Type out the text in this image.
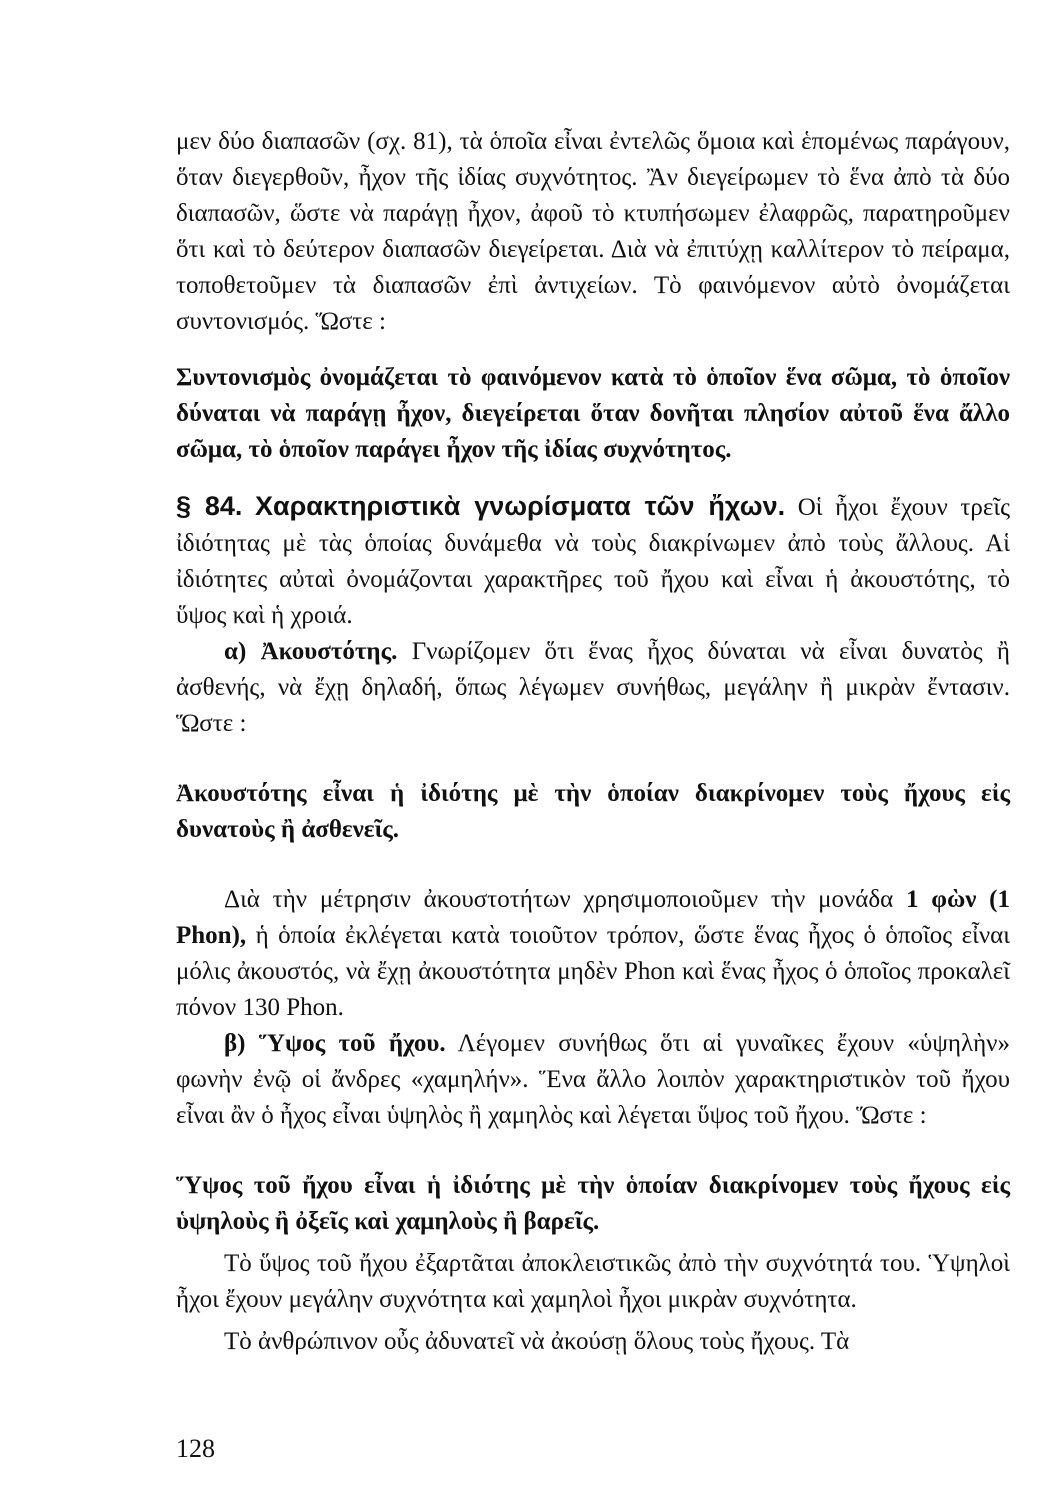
μεν δύο διαπασῶν (σχ. 81), τὰ ὁποῖα εἶναι ἐντελῶς ὅμοια καὶ ἑπομένως παράγουν, ὅταν διεγερθοῦν, ἦχον τῆς ἰδίας συχνότητος. Ἂν διεγείρωμεν τὸ ἕνα ἀπὸ τὰ δύο διαπασῶν, ὥστε νὰ παράγῃ ἦχον, ἀφοῦ τὸ κτυπήσωμεν ἐλαφρῶς, παρατηροῦμεν ὅτι καὶ τὸ δεύτερον διαπασῶν διεγείρεται. Διὰ νὰ ἐπιτύχῃ καλλίτερον τὸ πείραμα, τοποθετοῦμεν τὰ διαπασῶν ἐπὶ ἀντιχείων. Τὸ φαινόμενον αὐτὸ ὀνομάζεται συντονισμός. Ὥστε :

Συντονισμὸς ὀνομάζεται τὸ φαινόμενον κατὰ τὸ ὁποῖον ἕνα σῶμα, τὸ ὁποῖον δύναται νὰ παράγῃ ἦχον, διεγείρεται ὅταν δονῆται πλησίον αὐτοῦ ἕνα ἄλλο σῶμα, τὸ ὁποῖον παράγει ἦχον τῆς ἰδίας συχνότητος.

§ 84. Χαρακτηριστικὰ γνωρίσματα τῶν ἤχων. Οἱ ἦχοι ἔχουν τρεῖς ἰδιότητας μὲ τὰς ὁποίας δυνάμεθα νὰ τοὺς διακρίνωμεν ἀπὸ τοὺς ἄλλους. Αἱ ἰδιότητες αὐταὶ ὀνομάζονται χαρακτῆρες τοῦ ἤχου καὶ εἶναι ἡ ἀκουστότης, τὸ ὕψος καὶ ἡ χροιά.

α) Ἀκουστότης. Γνωρίζομεν ὅτι ἕνας ἦχος δύναται νὰ εἶναι δυνατὸς ἢ ἀσθενής, νὰ ἔχῃ δηλαδή, ὅπως λέγωμεν συνήθως, μεγάλην ἢ μικρὰν ἔντασιν. Ὥστε :

Ἀκουστότης εἶναι ἡ ἰδιότης μὲ τὴν ὁποίαν διακρίνομεν τοὺς ἤχους εἰς δυνατοὺς ἢ ἀσθενεῖς.

Διὰ τὴν μέτρησιν ἀκουστοτήτων χρησιμοποιοῦμεν τὴν μονάδα 1 φὼν (1 Phon), ἡ ὁποία ἐκλέγεται κατὰ τοιοῦτον τρόπον, ὥστε ἕνας ἦχος ὁ ὁποῖος εἶναι μόλις ἀκουστός, νὰ ἔχῃ ἀκουστότητα μηδὲν Phon καὶ ἕνας ἦχος ὁ ὁποῖος προκαλεῖ πόνον 130 Phon.

β) Ὕψος τοῦ ἤχου. Λέγομεν συνήθως ὅτι αἱ γυναῖκες ἔχουν «ὑψηλὴν» φωνὴν ἐνῷ οἱ ἄνδρες «χαμηλήν». Ἕνα ἄλλο λοιπὸν χαρακτηριστικὸν τοῦ ἤχου εἶναι ἂν ὁ ἦχος εἶναι ὑψηλὸς ἢ χαμηλὸς καὶ λέγεται ὕψος τοῦ ἤχου. Ὥστε :

Ὕψος τοῦ ἤχου εἶναι ἡ ἰδιότης μὲ τὴν ὁποίαν διακρίνομεν τοὺς ἤχους εἰς ὑψηλοὺς ἢ ὀξεῖς καὶ χαμηλοὺς ἢ βαρεῖς.

Τὸ ὕψος τοῦ ἤχου ἐξαρτᾶται ἀποκλειστικῶς ἀπὸ τὴν συχνότητά του. Ὑψηλοὶ ἦχοι ἔχουν μεγάλην συχνότητα καὶ χαμηλοὶ ἦχοι μικρὰν συχνότητα.

Τὸ ἀνθρώπινον οὖς ἀδυνατεῖ νὰ ἀκούσῃ ὅλους τοὺς ἤχους. Τὰ

128
